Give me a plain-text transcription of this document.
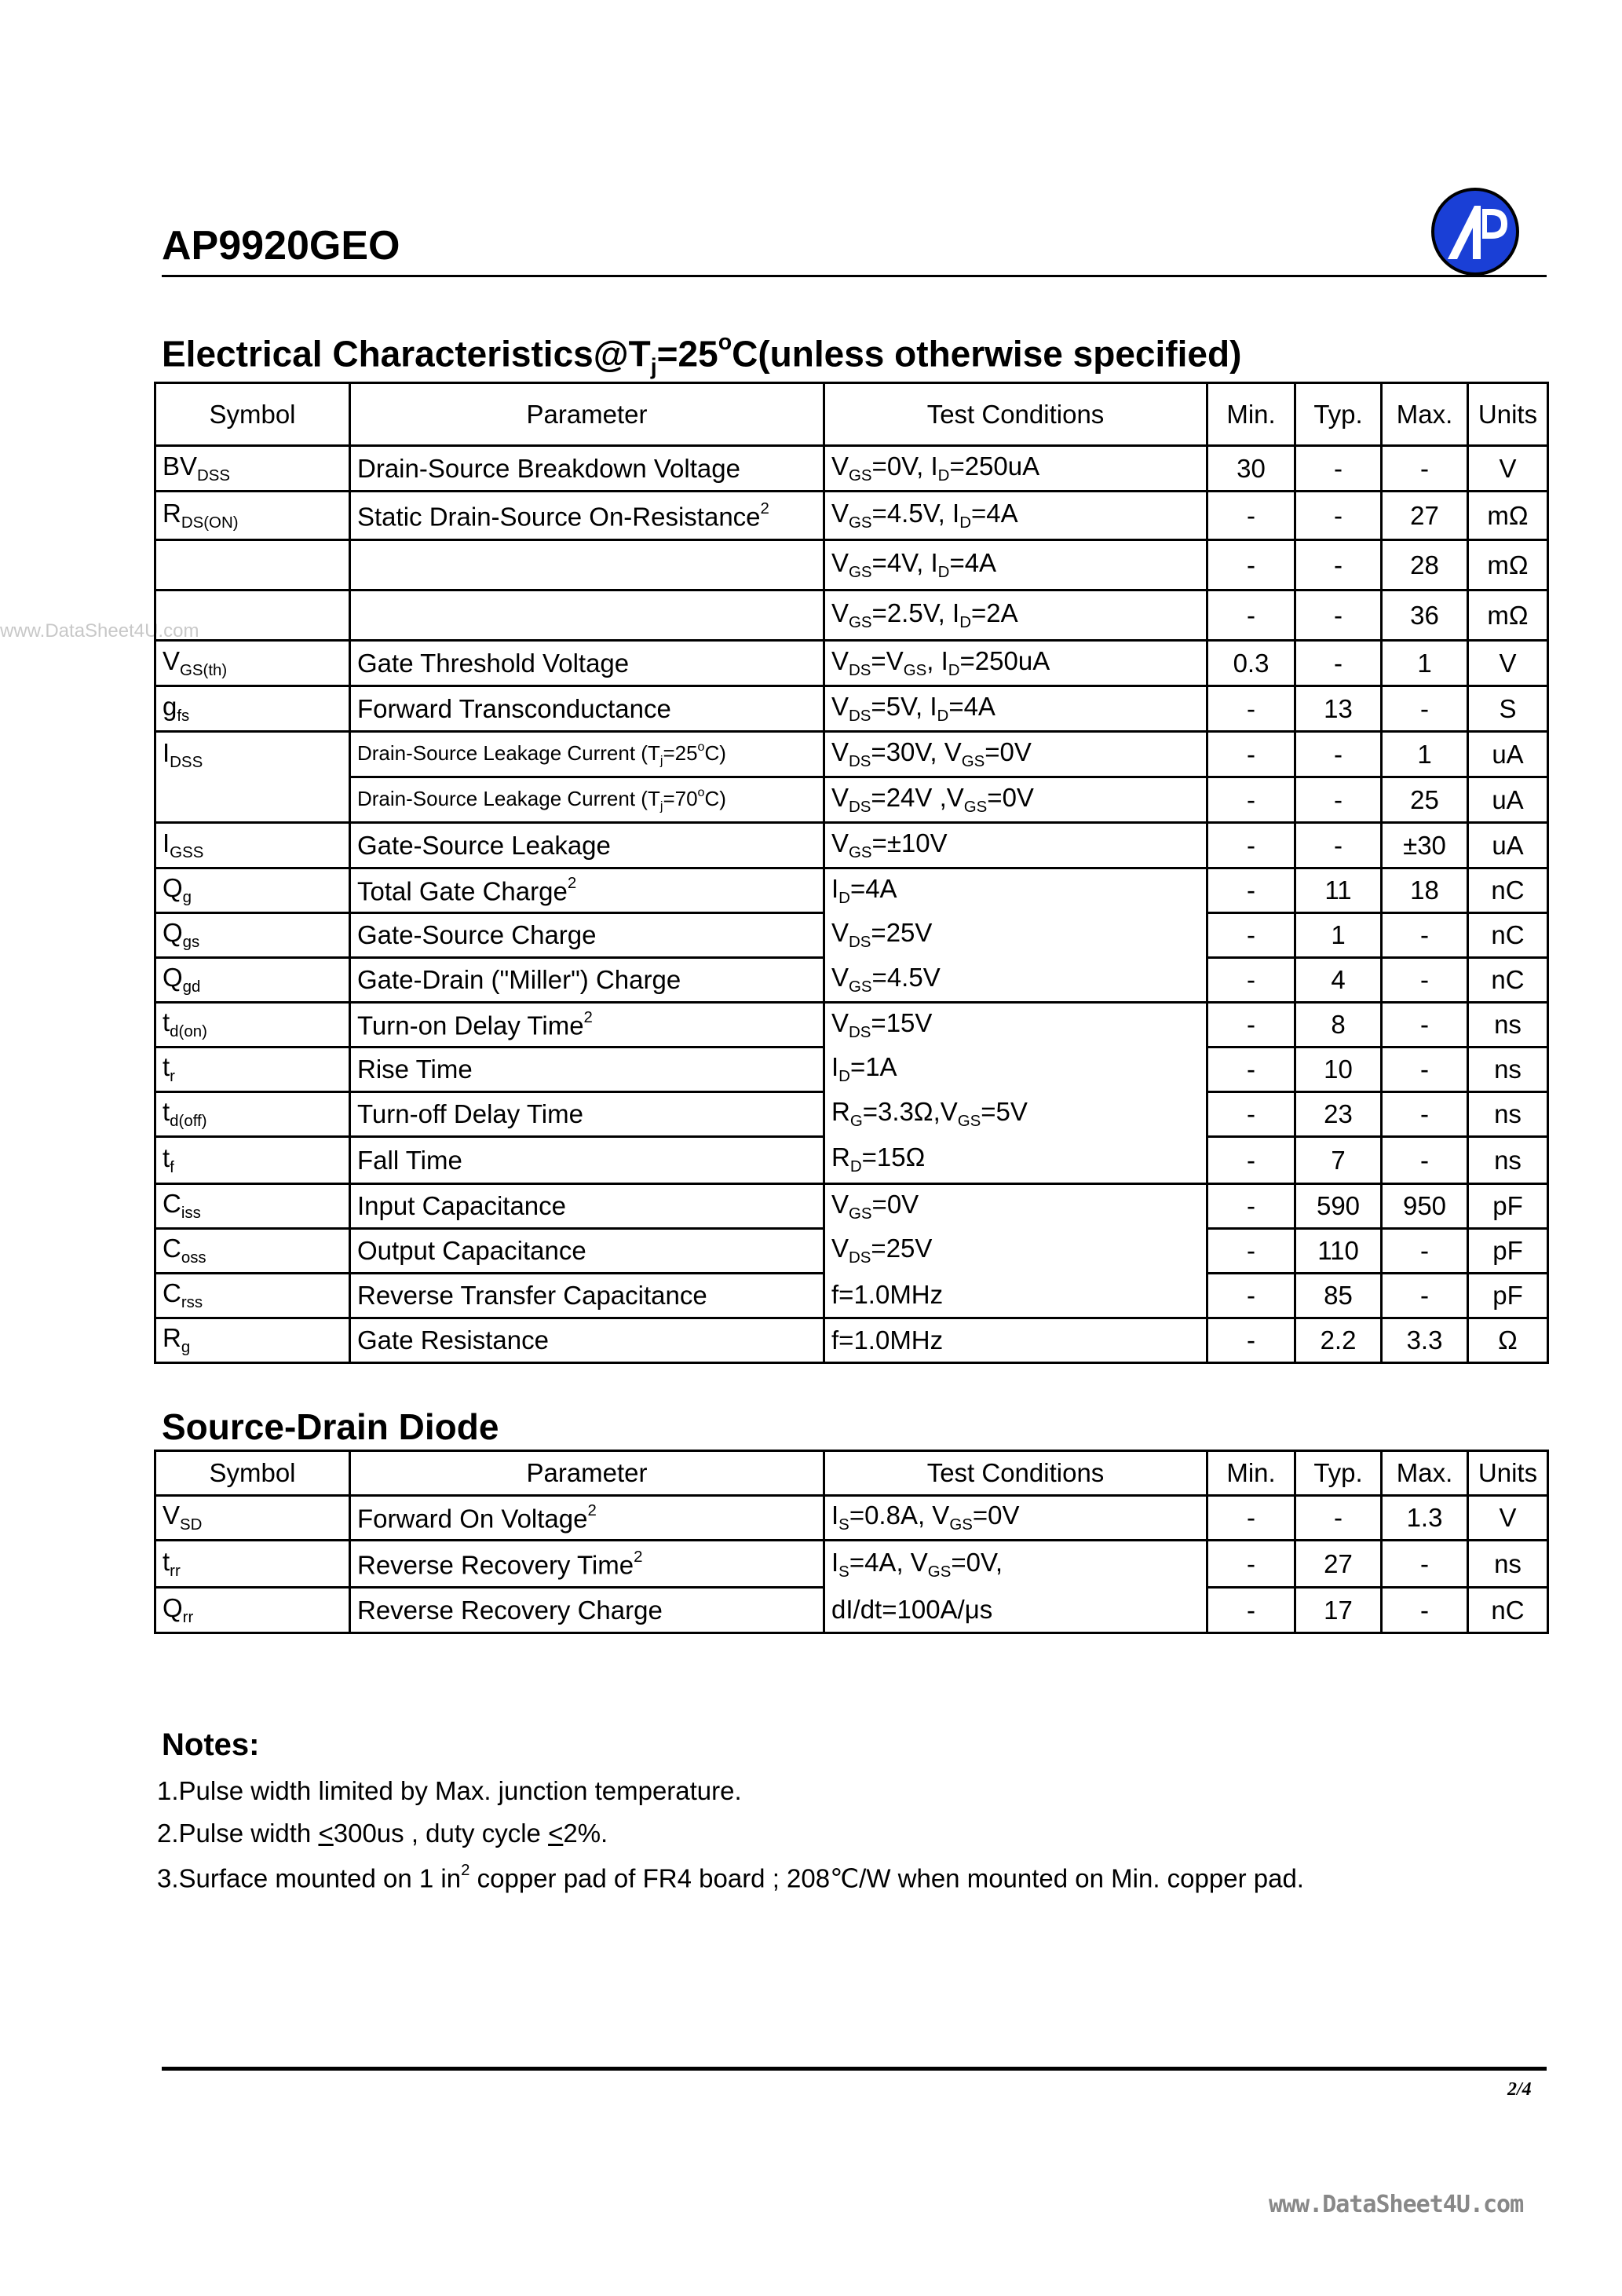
AP9920GEO
Electrical $Characteristics@T_j=25^oC(unless$ otherwise specified)
www.DataSheet4U.com
Symbol	Parameter	Test Conditions	Min.	Typ.	Max.	Units
$BV_{DSS}$	Drain-Source Breakdown Voltage	$V_{GS}=0V$, $I_D=250uA$	30	-	-	V
$R_{DS(ON)}$	Static Drain-Source On-Resistance$^2$	$V_{GS}=4.5V$, $I_D=4A$	-	-	27	mΩ
		$V_{GS}=4V$, $I_D=4A$	-	-	28	mΩ
		$V_{GS}=2.5V$, $I_D=2A$	-	-	36	mΩ
$V_{GS(th)}$	Gate Threshold Voltage	$V_{DS}=V_{GS}$, $I_D=250uA$	0.3	-	1	V
$g_{fs}$	Forward Transconductance	$V_{DS}=5V$, $I_D=4A$	-	13	-	S
$I_{DSS}$	Drain-Source Leakage Current $(T_j=25^oC)$	$V_{DS}=30V$, $V_{GS}=0V$	-	-	1	uA
	Drain-Source Leakage Current $(T_j=70^oC)$	$V_{DS}=24V$ $,V_{GS}=0V$	-	-	25	uA
$I_{GSS}$	Gate-Source Leakage	$V_{GS}=\pm 10V$	-	-	±30	uA
$Q_g$	Total Gate Charge$^2$	$I_D=4A$	-	11	18	nC
$Q_{gs}$	Gate-Source Charge	$V_{DS}=25V$	-	1	-	nC
$Q_{gd}$	Gate-Drain ("Miller") Charge	$V_{GS}=4.5V$	-	4	-	nC
$t_{d(on)}$	Turn-on Delay Time$^2$	$V_{DS}=15V$	-	8	-	ns
$t_r$	Rise Time	$I_D=1A$	-	10	-	ns
$t_{d(off)}$	Turn-off Delay Time	$R_G=3.3\Omega,V_{GS}=5V$	-	23	-	ns
$t_f$	Fall Time	$R_D=15\Omega$	-	7	-	ns
$C_{iss}$	Input Capacitance	$V_{GS}=0V$	-	590	950	pF
$C_{oss}$	Output Capacitance	$V_{DS}=25V$	-	110	-	pF
$C_{rss}$	Reverse Transfer Capacitance	f=1.0MHz	-	85	-	pF
$R_g$	Gate Resistance	f=1.0MHz	-	2.2	3.3	Ω
Source-Drain Diode
Symbol	Parameter	Test Conditions	Min.	Typ.	Max.	Units
$V_{SD}$	Forward On Voltage$^2$	$I_S=0.8A$, $V_{GS}=0V$	-	-	1.3	V
$t_{rr}$	Reverse Recovery Time$^2$	$I_S=4A$, $V_{GS}=0V$,	-	27	-	ns
$Q_{rr}$	Reverse Recovery Charge	dI/dt=100A/μs	-	17	-	nC
Notes:
1.Pulse width limited by Max. junction temperature.
2.Pulse width <300us , duty cycle <2%.
3.Surface mounted on 1 $in^2$ copper pad of FR4 board ; 208℃/W when mounted on Min. copper pad.
2/4
www.DataSheet4U.com
